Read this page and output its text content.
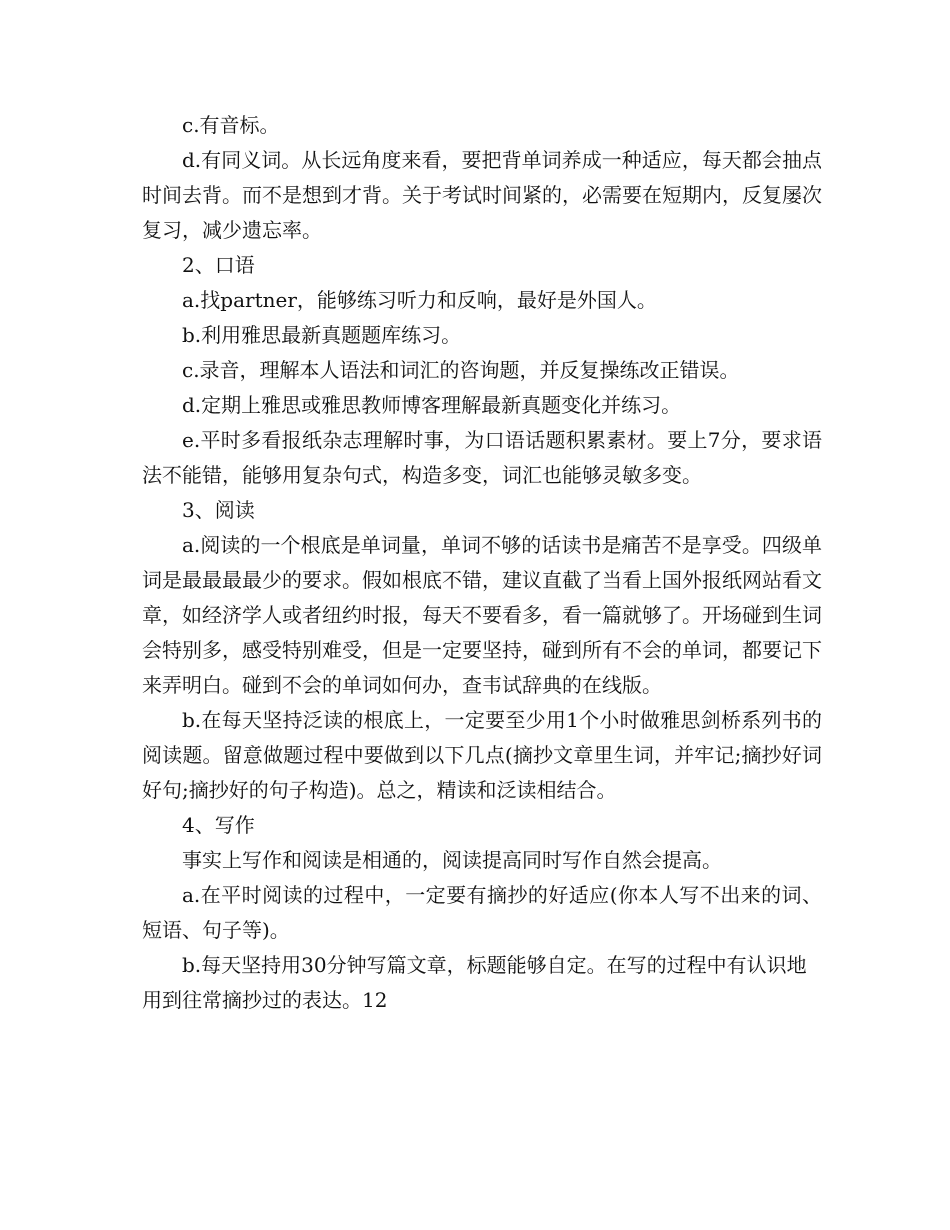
c.有音标。

d.有同义词。从长远角度来看，要把背单词养成一种适应，每天都会抽点时间去背。而不是想到才背。关于考试时间紧的，必需要在短期内，反复屡次复习，减少遗忘率。

2、口语

a.找partner，能够练习听力和反响，最好是外国人。

b.利用雅思最新真题题库练习。

c.录音，理解本人语法和词汇的咨询题，并反复操练改正错误。

d.定期上雅思或雅思教师博客理解最新真题变化并练习。

e.平时多看报纸杂志理解时事，为口语话题积累素材。要上7分，要求语法不能错，能够用复杂句式，构造多变，词汇也能够灵敏多变。

3、阅读

a.阅读的一个根底是单词量，单词不够的话读书是痛苦不是享受。四级单词是最最最最少的要求。假如根底不错，建议直截了当看上国外报纸网站看文章，如经济学人或者纽约时报，每天不要看多，看一篇就够了。开场碰到生词会特别多，感受特别难受，但是一定要坚持，碰到所有不会的单词，都要记下来弄明白。碰到不会的单词如何办，查韦试辞典的在线版。

b.在每天坚持泛读的根底上，一定要至少用1个小时做雅思剑桥系列书的阅读题。留意做题过程中要做到以下几点(摘抄文章里生词，并牢记;摘抄好词好句;摘抄好的句子构造)。总之，精读和泛读相结合。

4、写作

事实上写作和阅读是相通的，阅读提高同时写作自然会提高。

a.在平时阅读的过程中，一定要有摘抄的好适应(你本人写不出来的词、短语、句子等)。

b.每天坚持用30分钟写篇文章，标题能够自定。在写的过程中有认识地用到往常摘抄过的表达。12
